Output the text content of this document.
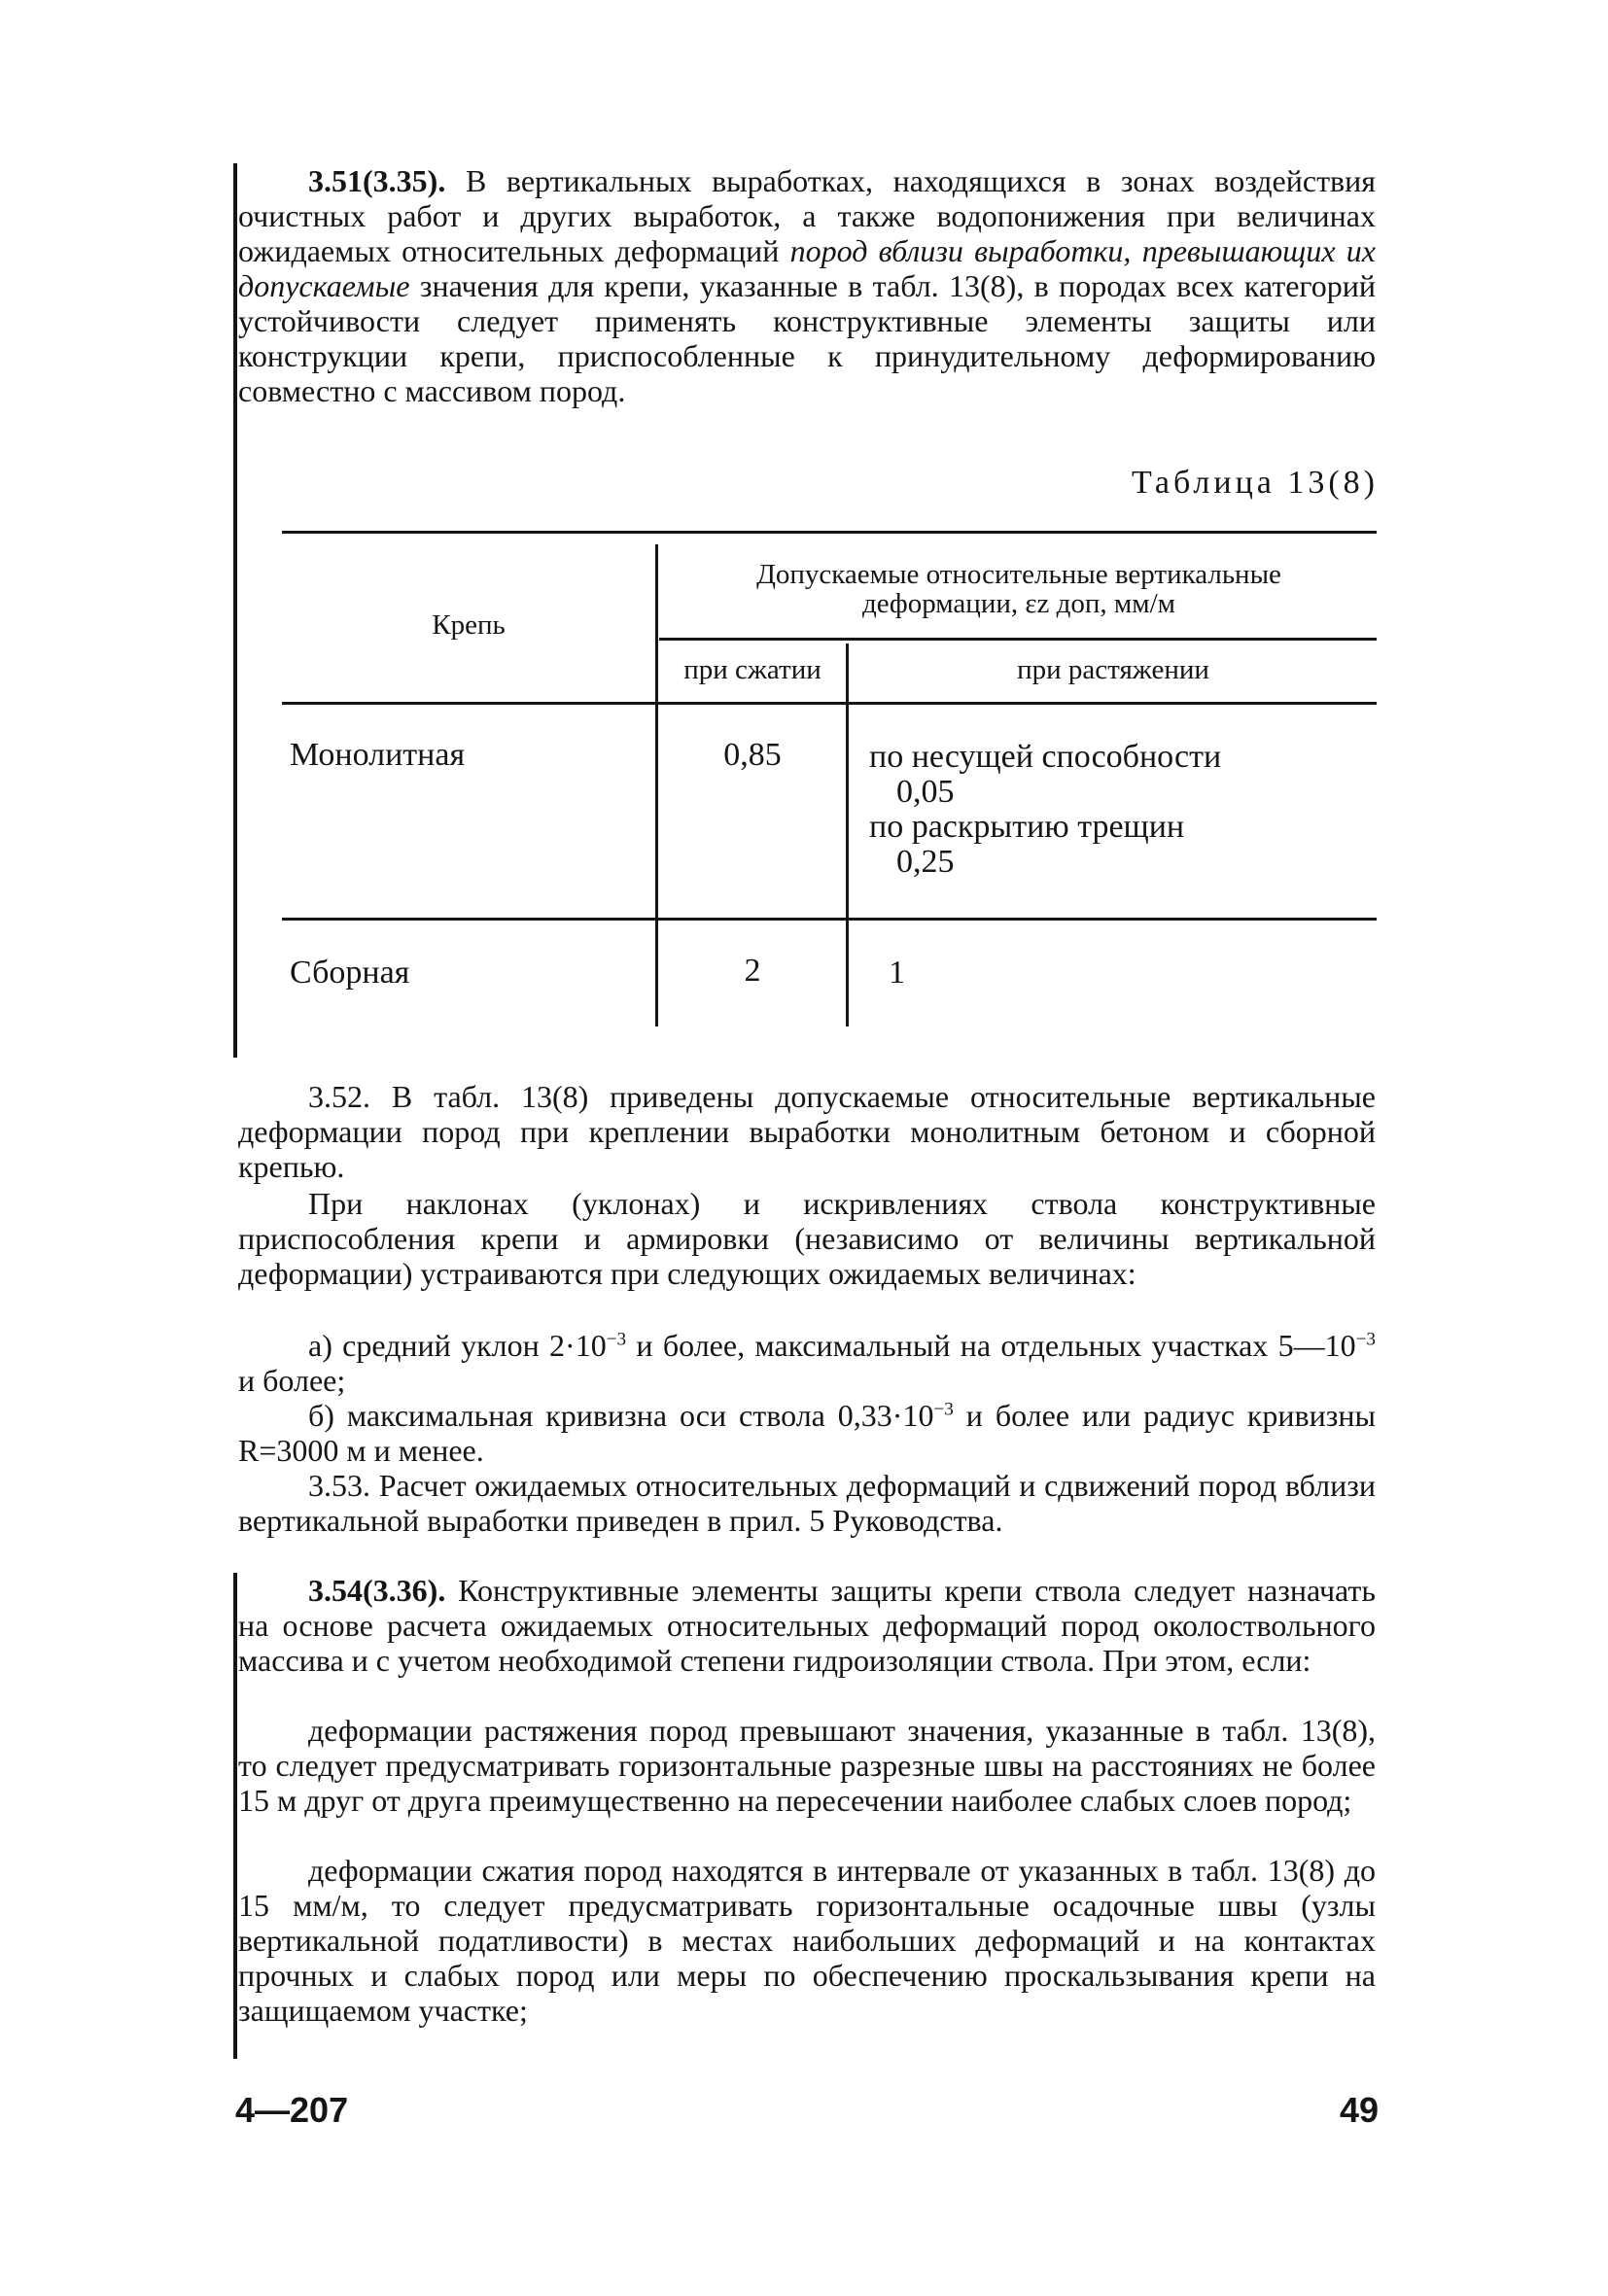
3.51(3.35). В вертикальных выработках, находящихся в зонах воздействия очистных работ и других выработок, а также водопонижения при величинах ожидаемых относительных деформаций пород вблизи выработки, превышающих их допускаемые значения для крепи, указанные в табл. 13(8), в породах всех категорий устойчивости следует применять конструктивные элементы защиты или конструкции крепи, приспособленные к принудительному деформированию совместно с массивом пород.

Таблица 13(8)
Крепь
Допускаемые относительные вертикальные
деформации, εz доп, мм/м
при сжатии	при растяжении
Монолитная	0,85	по несущей способности
0,05
по раскрытию трещин
0,25
Сборная	2	1

3.52. В табл. 13(8) приведены допускаемые относительные вертикальные деформации пород при креплении выработки монолитным бетоном и сборной крепью.

При наклонах (уклонах) и искривлениях ствола конструктивные приспособления крепи и армировки (независимо от величины вертикальной деформации) устраиваются при следующих ожидаемых величинах:

а) средний уклон $2\cdot 10^{-3}$ и более, максимальный на отдельных участках $5—10^{-3}$ и более;

б) максимальная кривизна оси ствола $0,33\cdot 10^{-3}$ и более или радиус кривизны R=3000 м и менее.

3.53. Расчет ожидаемых относительных деформаций и сдвижений пород вблизи вертикальной выработки приведен в прил. 5 Руководства.

3.54(3.36). Конструктивные элементы защиты крепи ствола следует назначать на основе расчета ожидаемых относительных деформаций пород околоствольного массива и с учетом необходимой степени гидроизоляции ствола. При этом, если:

деформации растяжения пород превышают значения, указанные в табл. 13(8), то следует предусматривать горизонтальные разрезные швы на расстояниях не более 15 м друг от друга преимущественно на пересечении наиболее слабых слоев пород;

деформации сжатия пород находятся в интервале от указанных в табл. 13(8) до 15 мм/м, то следует предусматривать горизонтальные осадочные швы (узлы вертикальной податливости) в местах наибольших деформаций и на контактах прочных и слабых пород или меры по обеспечению проскальзывания крепи на защищаемом участке;

4—207	49
